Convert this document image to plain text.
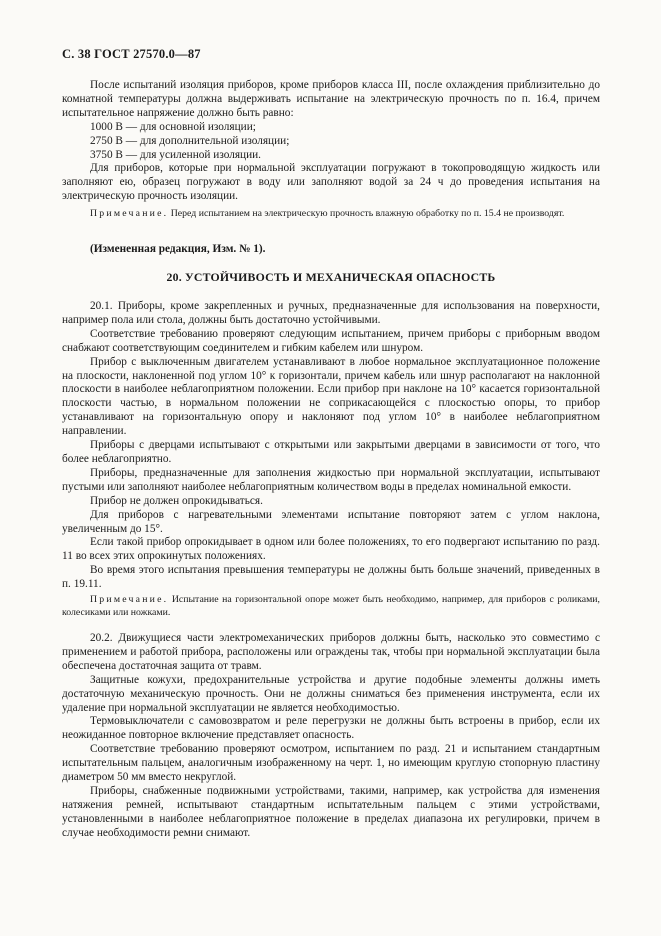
С. 38 ГОСТ 27570.0—87

После испытаний изоляция приборов, кроме приборов класса III, после охлаждения приблизительно до комнатной температуры должна выдерживать испытание на электрическую прочность по п. 16.4, причем испытательное напряжение должно быть равно:

1000 В — для основной изоляции;

2750 В — для дополнительной изоляции;

3750 В — для усиленной изоляции.

Для приборов, которые при нормальной эксплуатации погружают в токопроводящую жидкость или заполняют ею, образец погружают в воду или заполняют водой за 24 ч до проведения испытания на электрическую прочность изоляции.

Примечание. Перед испытанием на электрическую прочность влажную обработку по п. 15.4 не производят.

(Измененная редакция, Изм. № 1).
20. УСТОЙЧИВОСТЬ И МЕХАНИЧЕСКАЯ ОПАСНОСТЬ

20.1. Приборы, кроме закрепленных и ручных, предназначенные для использования на поверхности, например пола или стола, должны быть достаточно устойчивыми.

Соответствие требованию проверяют следующим испытанием, причем приборы с приборным вводом снабжают соответствующим соединителем и гибким кабелем или шнуром.

Прибор с выключенным двигателем устанавливают в любое нормальное эксплуатационное положение на плоскости, наклоненной под углом 10° к горизонтали, причем кабель или шнур располагают на наклонной плоскости в наиболее неблагоприятном положении. Если прибор при наклоне на 10° касается горизонтальной плоскости частью, в нормальном положении не соприкасающейся с плоскостью опоры, то прибор устанавливают на горизонтальную опору и наклоняют под углом 10° в наиболее неблагоприятном направлении.

Приборы с дверцами испытывают с открытыми или закрытыми дверцами в зависимости от того, что более неблагоприятно.

Приборы, предназначенные для заполнения жидкостью при нормальной эксплуатации, испытывают пустыми или заполняют наиболее неблагоприятным количеством воды в пределах номинальной емкости.

Прибор не должен опрокидываться.

Для приборов с нагревательными элементами испытание повторяют затем с углом наклона, увеличенным до 15°.

Если такой прибор опрокидывает в одном или более положениях, то его подвергают испытанию по разд. 11 во всех этих опрокинутых положениях.

Во время этого испытания превышения температуры не должны быть больше значений, приведенных в п. 19.11.

Примечание. Испытание на горизонтальной опоре может быть необходимо, например, для приборов с роликами, колесиками или ножками.

20.2. Движущиеся части электромеханических приборов должны быть, насколько это совместимо с применением и работой прибора, расположены или ограждены так, чтобы при нормальной эксплуатации была обеспечена достаточная защита от травм.

Защитные кожухи, предохранительные устройства и другие подобные элементы должны иметь достаточную механическую прочность. Они не должны сниматься без применения инструмента, если их удаление при нормальной эксплуатации не является необходимостью.

Термовыключатели с самовозвратом и реле перегрузки не должны быть встроены в прибор, если их неожиданное повторное включение представляет опасность.

Соответствие требованию проверяют осмотром, испытанием по разд. 21 и испытанием стандартным испытательным пальцем, аналогичным изображенному на черт. 1, но имеющим круглую стопорную пластину диаметром 50 мм вместо некруглой.

Приборы, снабженные подвижными устройствами, такими, например, как устройства для изменения натяжения ремней, испытывают стандартным испытательным пальцем с этими устройствами, установленными в наиболее неблагоприятное положение в пределах диапазона их регулировки, причем в случае необходимости ремни снимают.
